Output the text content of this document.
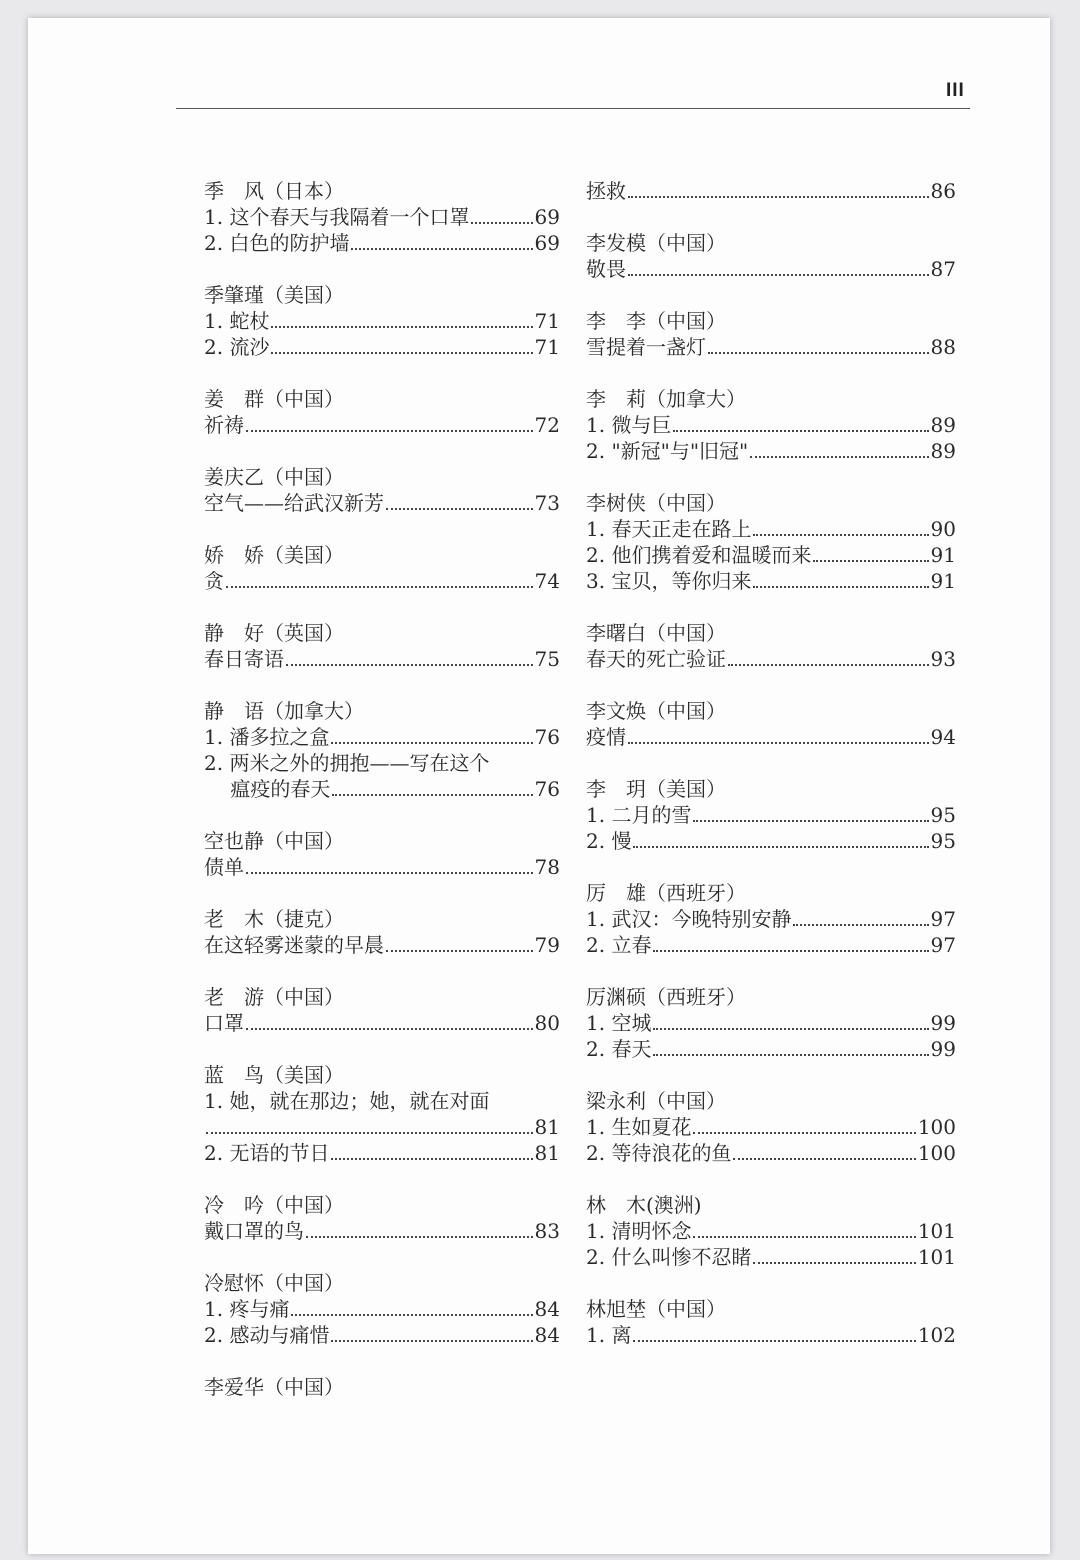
III
季　风（日本）
1. 这个春天与我隔着一个口罩	69
2. 白色的防护墙	69
季肇瑾（美国）
1. 蛇杖	71
2. 流沙	71
姜　群（中国）
祈祷	72
姜庆乙（中国）
空气——给武汉新芳	73
娇　娇（美国）
贪	74
静　好（英国）
春日寄语	75
静　语（加拿大）
1. 潘多拉之盒	76
2. 两米之外的拥抱——写在这个
　 瘟疫的春天	76
空也静（中国）
债单	78
老　木（捷克）
在这轻雾迷蒙的早晨	79
老　游（中国）
口罩	80
蓝　鸟（美国）
1. 她，就在那边；她，就在对面
81
2. 无语的节日	81
冷　吟（中国）
戴口罩的鸟	83
冷慰怀（中国）
1. 疼与痛	84
2. 感动与痛惜	84
李爱华（中国）
拯救	86
李发模（中国）
敬畏	87
李　李（中国）
雪提着一盏灯	88
李　莉（加拿大）
1. 微与巨	89
2. "新冠"与"旧冠"	89
李树侠（中国）
1. 春天正走在路上	90
2. 他们携着爱和温暖而来	91
3. 宝贝，等你归来	91
李曙白（中国）
春天的死亡验证	93
李文焕（中国）
疫情	94
李　玥（美国）
1. 二月的雪	95
2. 慢	95
厉　雄（西班牙）
1. 武汉：今晚特别安静	97
2. 立春	97
厉渊硕（西班牙）
1. 空城	99
2. 春天	99
梁永利（中国）
1. 生如夏花	100
2. 等待浪花的鱼	100
林　木(澳洲)
1. 清明怀念	101
2. 什么叫惨不忍睹	101
林旭埜（中国）
1. 离	102
